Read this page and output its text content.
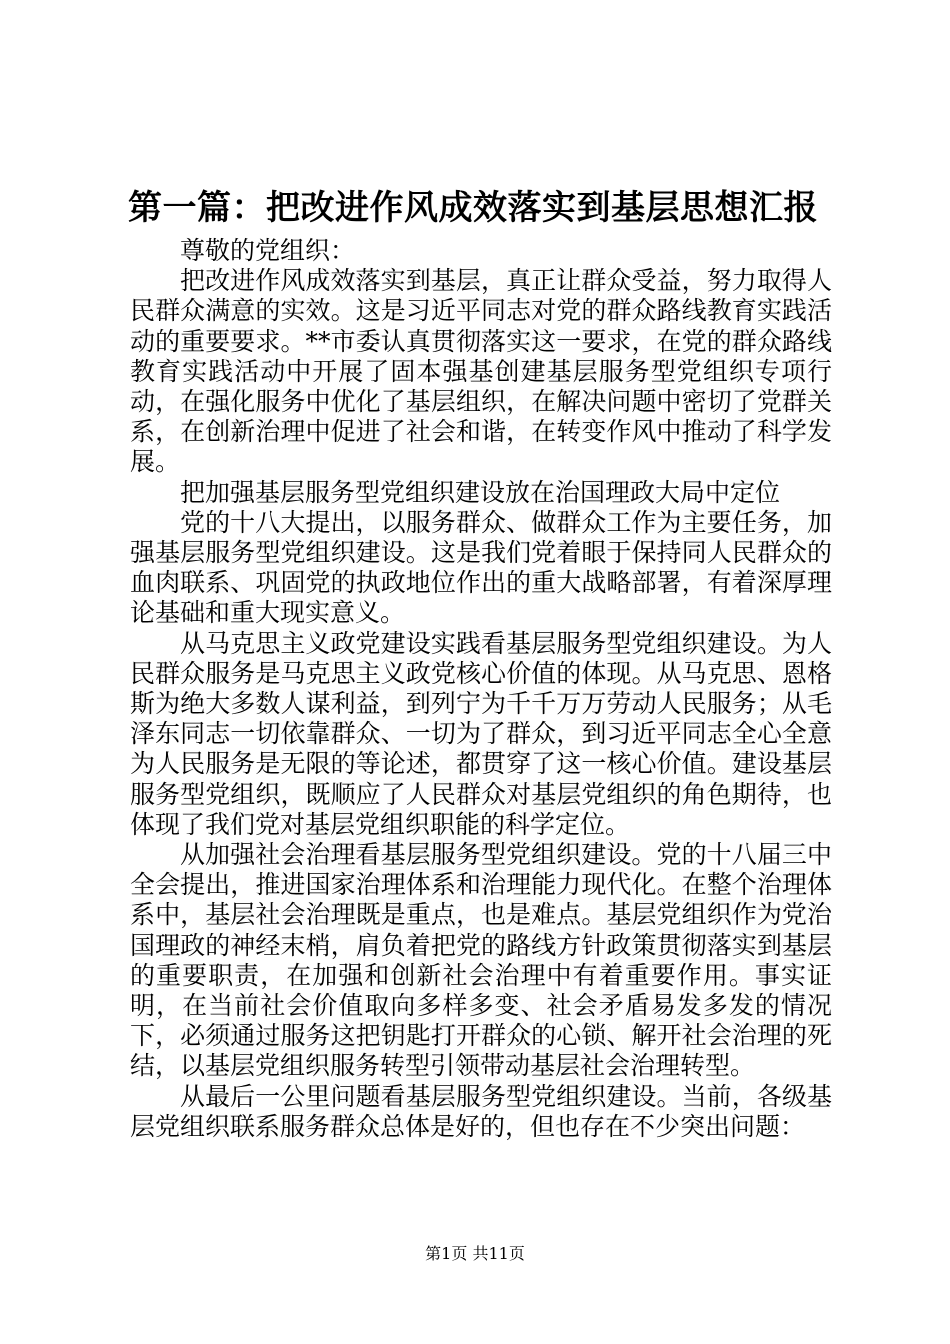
第一篇：把改进作风成效落实到基层思想汇报

尊敬的党组织：

把改进作风成效落实到基层，真正让群众受益，努力取得人民群众满意的实效。这是习近平同志对党的群众路线教育实践活动的重要要求。**市委认真贯彻落实这一要求，在党的群众路线教育实践活动中开展了固本强基创建基层服务型党组织专项行动，在强化服务中优化了基层组织，在解决问题中密切了党群关系，在创新治理中促进了社会和谐，在转变作风中推动了科学发展。

把加强基层服务型党组织建设放在治国理政大局中定位

党的十八大提出，以服务群众、做群众工作为主要任务，加强基层服务型党组织建设。这是我们党着眼于保持同人民群众的血肉联系、巩固党的执政地位作出的重大战略部署，有着深厚理论基础和重大现实意义。

从马克思主义政党建设实践看基层服务型党组织建设。为人民群众服务是马克思主义政党核心价值的体现。从马克思、恩格斯为绝大多数人谋利益，到列宁为千千万万劳动人民服务；从毛泽东同志一切依靠群众、一切为了群众，到习近平同志全心全意为人民服务是无限的等论述，都贯穿了这一核心价值。建设基层服务型党组织，既顺应了人民群众对基层党组织的角色期待，也体现了我们党对基层党组织职能的科学定位。

从加强社会治理看基层服务型党组织建设。党的十八届三中全会提出，推进国家治理体系和治理能力现代化。在整个治理体系中，基层社会治理既是重点，也是难点。基层党组织作为党治国理政的神经末梢，肩负着把党的路线方针政策贯彻落实到基层的重要职责，在加强和创新社会治理中有着重要作用。事实证明，在当前社会价值取向多样多变、社会矛盾易发多发的情况下，必须通过服务这把钥匙打开群众的心锁、解开社会治理的死结，以基层党组织服务转型引领带动基层社会治理转型。

从最后一公里问题看基层服务型党组织建设。当前，各级基层党组织联系服务群众总体是好的，但也存在不少突出问题：

第1页 共11页
